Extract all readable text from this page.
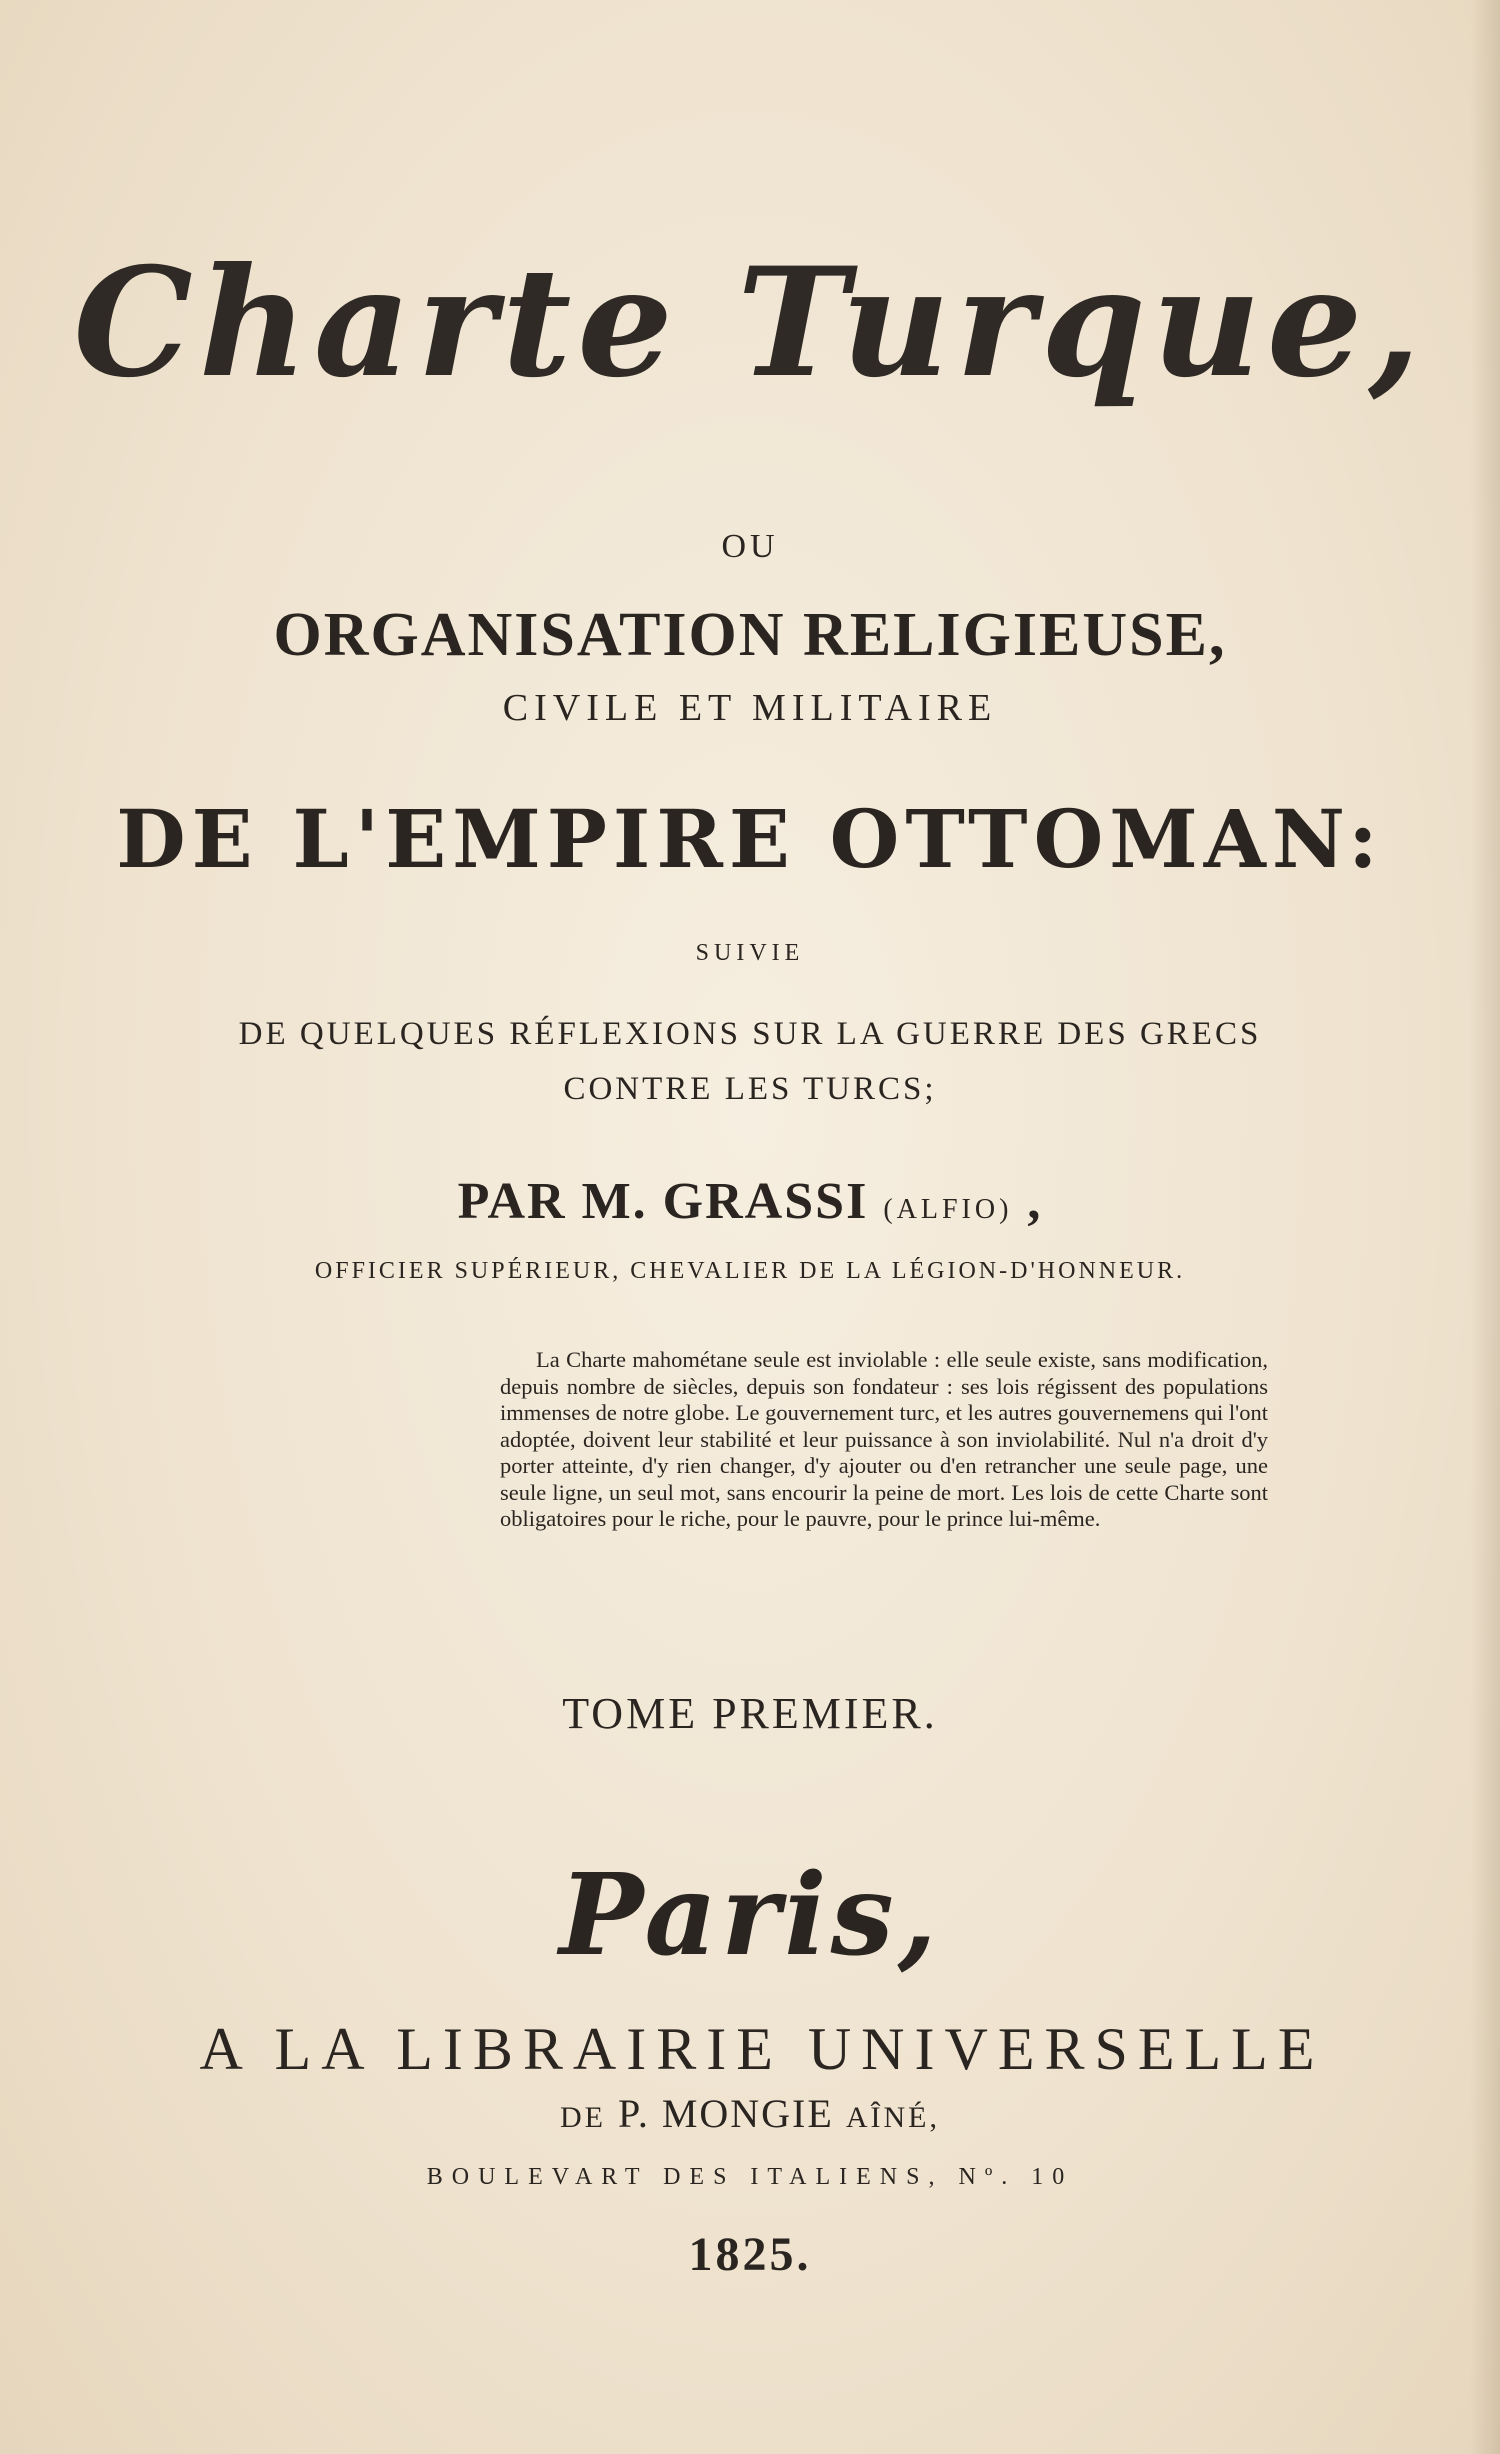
Charte Turque,
OU
ORGANISATION RELIGIEUSE,
CIVILE ET MILITAIRE
DE L'EMPIRE OTTOMAN:
SUIVIE
DE QUELQUES RÉFLEXIONS SUR LA GUERRE DES GRECS
CONTRE LES TURCS;
PAR M. GRASSI (ALFIO) ,
OFFICIER SUPÉRIEUR, CHEVALIER DE LA LÉGION-D'HONNEUR.
La Charte mahométane seule est inviolable : elle seule existe, sans modification, depuis nombre de siècles, depuis son fondateur : ses lois régissent des populations immenses de notre globe. Le gouvernement turc, et les autres gouvernemens qui l'ont adoptée, doivent leur stabilité et leur puissance à son inviolabilité. Nul n'a droit d'y porter atteinte, d'y rien changer, d'y ajouter ou d'en retrancher une seule page, une seule ligne, un seul mot, sans encourir la peine de mort. Les lois de cette Charte sont obligatoires pour le riche, pour le pauvre, pour le prince lui-même.
TOME PREMIER.
Paris,
A LA LIBRAIRIE UNIVERSELLE
DE P. MONGIE AÎNÉ,
BOULEVART DES ITALIENS, Nº. 10
1825.
